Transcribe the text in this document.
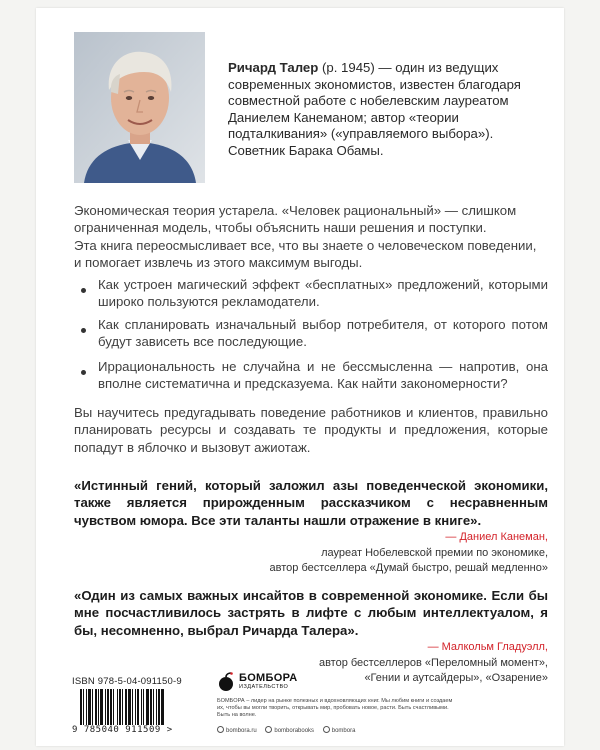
Ричард Талер (р. 1945) — один из ведущих современных экономистов, известен благодаря совместной работе с нобелевским лауреатом Даниелем Канеманом; автор «теории подталкивания» («управляемого выбора»). Советник Барака Обамы.
Экономическая теория устарела. «Человек рациональный» — слишком
ограниченная модель, чтобы объяснить наши решения и поступки.
Эта книга переосмысливает все, что вы знаете о человеческом поведении,
и помогает извлечь из этого максимум выгоды.
Как устроен магический эффект «бесплатных» предложений, которыми широко пользуются рекламодатели.
Как спланировать изначальный выбор потребителя, от которого потом будут зависеть все последующие.
Иррациональность не случайна и не бессмысленна — напротив, она вполне систематична и предсказуема. Как найти закономерности?
Вы научитесь предугадывать поведение работников и клиентов, правильно планировать ресурсы и создавать те продукты и предложения, которые попадут в яблочко и вызовут ажиотаж.
«Истинный гений, который заложил азы поведенческой экономики, также является прирожденным рассказчиком с несравненным чувством юмора. Все эти таланты нашли отражение в книге».
— Даниел Канеман,
лауреат Нобелевской премии по экономике,
автор бестселлера «Думай быстро, решай медленно»
«Один из самых важных инсайтов в современной экономике. Если бы мне посчастливилось застрять в лифте с любым интеллектуалом, я бы, несомненно, выбрал Ричарда Талера».
— Малкольм Гладуэлл,
автор бестселлеров «Переломный момент»,
«Гении и аутсайдеры», «Озарение»
ISBN 978-5-04-091150-9
9 785040 911509 >
БОМБОРА
ИЗДАТЕЛЬСТВО
БОМБОРА – лидер на рынке полезных и вдохновляющих книг. Мы любим книги и создаем их, чтобы вы могли творить, открывать мир, пробовать новое, расти. Быть счастливыми. Быть на волне.
bombora.ru	bomborabooks	bombora
